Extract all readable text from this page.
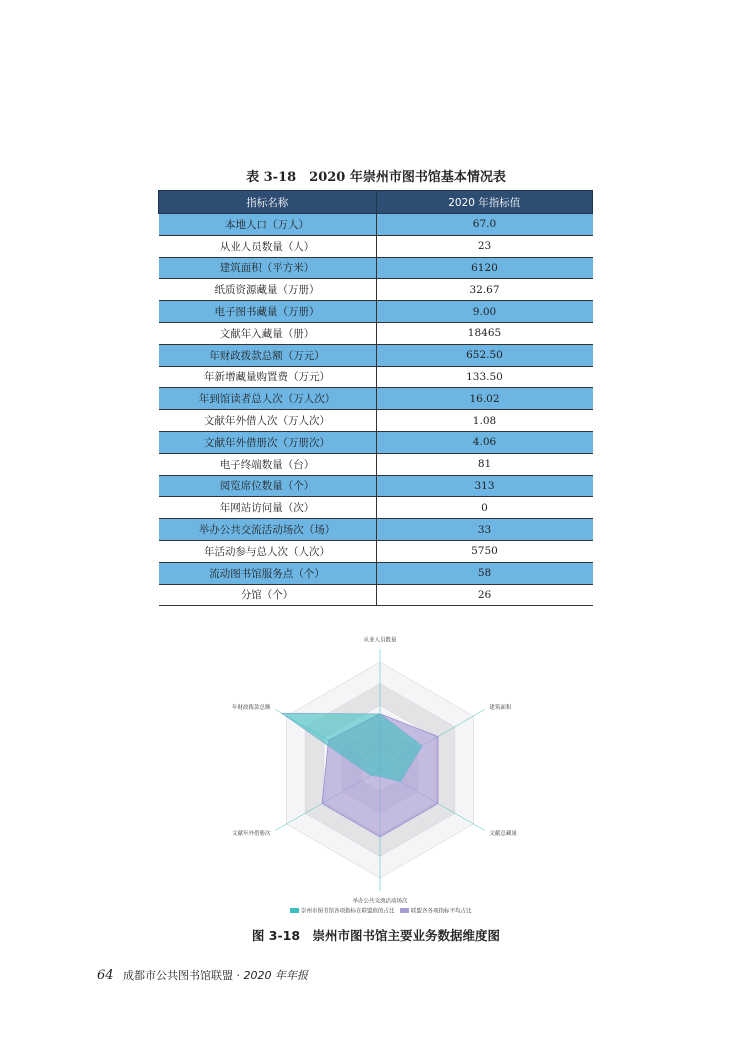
表 3-18　2020 年崇州市图书馆基本情况表
指标名称	2020 年指标值
本地人口（万人）	67.0
从业人员数量（人）	23
建筑面积（平方米）	6120
纸质资源藏量（万册）	32.67
电子图书藏量（万册）	9.00
文献年入藏量（册）	18465
年财政拨款总额（万元）	652.50
年新增藏量购置费（万元）	133.50
年到馆读者总人次（万人次）	16.02
文献年外借人次（万人次）	1.08
文献年外借册次（万册次）	4.06
电子终端数量（台）	81
阅览席位数量（个）	313
年网站访问量（次）	0
举办公共交流活动场次（场）	33
年活动参与总人次（人次）	5750
流动图书馆服务点（个）	58
分馆（个）	26
从业人员数量
建筑面积
文献总藏量
举办公共交流活动场次
文献年外借册次
年财政拨款总额
崇州市图书馆各项指标在联盟值的占比	联盟各各项指标平均占比
图 3-18　崇州市图书馆主要业务数据维度图
64 成都市公共图书馆联盟 · 2020 年年报
